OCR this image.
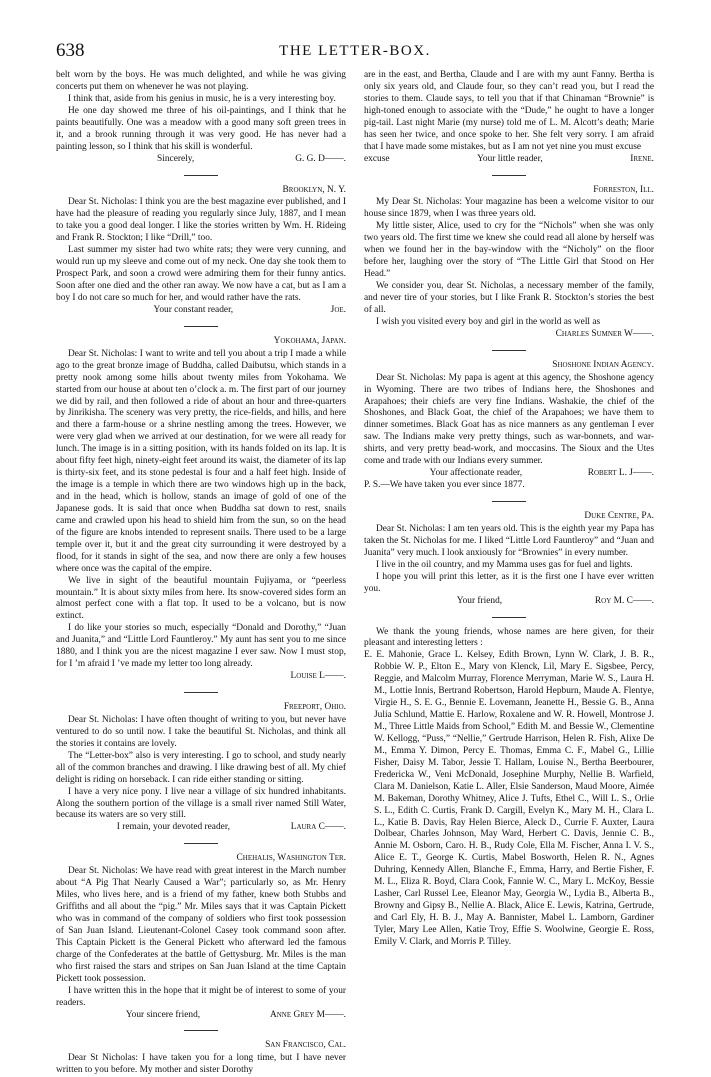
638	THE LETTER-BOX.

belt worn by the boys. He was much delighted, and while he was giving concerts put them on whenever he was not playing.

I think that, aside from his genius in music, he is a very interesting boy.

He one day showed me three of his oil-paintings, and I think that he paints beautifully. One was a meadow with a good many soft green trees in it, and a brook running through it was very good. He has never had a painting lesson, so I think that his skill is wonderful.

Sincerely,	G. G. D——.
Brooklyn, N. Y.

Dear St. Nicholas: I think you are the best magazine ever published, and I have had the pleasure of reading you regularly since July, 1887, and I mean to take you a good deal longer. I like the stories written by Wm. H. Rideing and Frank R. Stockton; I like “Drill,” too.

Last summer my sister had two white rats; they were very cunning, and would run up my sleeve and come out of my neck. One day she took them to Prospect Park, and soon a crowd were admiring them for their funny antics. Soon after one died and the other ran away. We now have a cat, but as I am a boy I do not care so much for her, and would rather have the rats.

Your constant reader,	Joe.
Yokohama, Japan.

Dear St. Nicholas: I want to write and tell you about a trip I made a while ago to the great bronze image of Buddha, called Daibutsu, which stands in a pretty nook among some hills about twenty miles from Yokohama. We started from our house at about ten o’clock a. m. The first part of our journey we did by rail, and then followed a ride of about an hour and three-quarters by Jinrikisha. The scenery was very pretty, the rice-fields, and hills, and here and there a farm-house or a shrine nestling among the trees. However, we were very glad when we arrived at our destination, for we were all ready for lunch. The image is in a sitting position, with its hands folded on its lap. It is about fifty feet high, ninety-eight feet around its waist, the diameter of its lap is thirty-six feet, and its stone pedestal is four and a half feet high. Inside of the image is a temple in which there are two windows high up in the back, and in the head, which is hollow, stands an image of gold of one of the Japanese gods. It is said that once when Buddha sat down to rest, snails came and crawled upon his head to shield him from the sun, so on the head of the figure are knobs intended to represent snails. There used to be a large temple over it, but it and the great city surrounding it were destroyed by a flood, for it stands in sight of the sea, and now there are only a few houses where once was the capital of the empire.

We live in sight of the beautiful mountain Fujiyama, or “peerless mountain.” It is about sixty miles from here. Its snow-covered sides form an almost perfect cone with a flat top. It used to be a volcano, but is now extinct.

I do like your stories so much, especially “Donald and Dorothy,” “Juan and Juanita,” and “Little Lord Fauntleroy.” My aunt has sent you to me since 1880, and I think you are the nicest magazine I ever saw. Now I must stop, for I ’m afraid I ’ve made my letter too long already.

Louise L——.
Freeport, Ohio.

Dear St. Nicholas: I have often thought of writing to you, but never have ventured to do so until now. I take the beautiful St. Nicholas, and think all the stories it contains are lovely.

The “Letter-box” also is very interesting. I go to school, and study nearly all of the common branches and drawing. I like drawing best of all. My chief delight is riding on horseback. I can ride either standing or sitting.

I have a very nice pony. I live near a village of six hundred inhabitants. Along the southern portion of the village is a small river named Still Water, because its waters are so very still.

I remain, your devoted reader,	Laura C——.
Chehalis, Washington Ter.

Dear St. Nicholas: We have read with great interest in the March number about “A Pig That Nearly Caused a War”; particularly so, as Mr. Henry Miles, who lives here, and is a friend of my father, knew both Stubbs and Griffiths and all about the “pig.” Mr. Miles says that it was Captain Pickett who was in command of the company of soldiers who first took possession of San Juan Island. Lieutenant-Colonel Casey took command soon after. This Captain Pickett is the General Pickett who afterward led the famous charge of the Confederates at the battle of Gettysburg. Mr. Miles is the man who first raised the stars and stripes on San Juan Island at the time Captain Pickett took possession.

I have written this in the hope that it might be of interest to some of your readers.

Your sincere friend,	Anne Grey M——.
San Francisco, Cal.

Dear St Nicholas: I have taken you for a long time, but I have never written to you before. My mother and sister Dorothy

are in the east, and Bertha, Claude and I are with my aunt Fanny. Bertha is only six years old, and Claude four, so they can’t read you, but I read the stories to them. Claude says, to tell you that if that Chinaman “Brownie” is high-toned enough to associate with the “Dude,” he ought to have a longer pig-tail. Last night Marie (my nurse) told me of L. M. Alcott’s death; Marie has seen her twice, and once spoke to her. She felt very sorry. I am afraid that I have made some mistakes, but as I am not yet nine you must excuse

excuse	Your little reader,	Irene.
Forreston, Ill.

My Dear St. Nicholas: Your magazine has been a welcome visitor to our house since 1879, when I was three years old.

My little sister, Alice, used to cry for the “Nichols” when she was only two years old. The first time we knew she could read all alone by herself was when we found her in the bay-window with the “Nicholy” on the floor before her, laughing over the story of “The Little Girl that Stood on Her Head.”

We consider you, dear St. Nicholas, a necessary member of the family, and never tire of your stories, but I like Frank R. Stockton’s stories the best of all.

I wish you visited every boy and girl in the world as well as

Charles Sumner W——.
Shoshone Indian Agency.

Dear St. Nicholas: My papa is agent at this agency, the Shoshone agency in Wyoming. There are two tribes of Indians here, the Shoshones and Arapahoes; their chiefs are very fine Indians. Washakie, the chief of the Shoshones, and Black Goat, the chief of the Arapahoes; we have them to dinner sometimes. Black Goat has as nice manners as any gentleman I ever saw. The Indians make very pretty things, such as war-bonnets, and war-shirts, and very pretty bead-work, and moccasins. The Sioux and the Utes come and trade with our Indians every summer.

Your affectionate reader,	Robert L. J——.

P. S.—We have taken you ever since 1877.

Duke Centre, Pa.

Dear St. Nicholas: I am ten years old. This is the eighth year my Papa has taken the St. Nicholas for me. I liked “Little Lord Fauntleroy” and “Juan and Juanita” very much. I look anxiously for “Brownies” in every number.

I live in the oil country, and my Mamma uses gas for fuel and lights.

I hope you will print this letter, as it is the first one I have ever written you.

Your friend,	Roy M. C——.

We thank the young friends, whose names are here given, for their pleasant and interesting letters :

E. E. Mahonie, Grace L. Kelsey, Edith Brown, Lynn W. Clark, J. B. R., Robbie W. P., Elton E., Mary von Klenck, Lil, Mary E. Sigsbee, Percy, Reggie, and Malcolm Murray, Florence Merryman, Marie W. S., Laura H. M., Lottie Innis, Bertrand Robertson, Harold Hepburn, Maude A. Flentye, Virgie H., S. E. G., Bennie E. Lovemann, Jeanette H., Bessie G. B., Anna Julia Schlund, Mattie E. Harlow, Roxalene and W. R. Howell, Montrose J. M., Three Little Maids from School,” Edith M. and Bessie W., Clementine W. Kellogg, “Puss,” “Nellie,” Gertrude Harrison, Helen R. Fish, Alixe De M., Emma Y. Dimon, Percy E. Thomas, Emma C. F., Mabel G., Lillie Fisher, Daisy M. Tabor, Jessie T. Hallam, Louise N., Bertha Beerbourer, Fredericka W., Veni McDonald, Josephine Murphy, Nellie B. Warfield, Clara M. Danielson, Katie L. Aller, Elsie Sanderson, Maud Moore, Aimée M. Bakeman, Dorothy Whitney, Alice J. Tufts, Ethel C., Will L. S., Orlie S. L., Edith C. Curtis, Frank D. Cargill, Evelyn K., Mary M. H., Clara L. L., Katie B. Davis, Ray Helen Bierce, Aleck D., Currie F. Auxter, Laura Dolbear, Charles Johnson, May Ward, Herbert C. Davis, Jennie C. B., Annie M. Osborn, Caro. H. B., Rudy Cole, Ella M. Fischer, Anna I. V. S., Alice E. T., George K. Curtis, Mabel Bosworth, Helen R. N., Agnes Duhring, Kennedy Allen, Blanche F., Emma, Harry, and Bertie Fisher, F. M. L., Eliza R. Boyd, Clara Cook, Fannie W. C., Mary L. McKoy, Bessie Lasher, Carl Russel Lee, Eleanor May, Georgia W., Lydia B., Alberta B., Browny and Gipsy B., Nellie A. Black, Alice E. Lewis, Katrina, Gertrude, and Carl Ely, H. B. J., May A. Bannister, Mabel L. Lamborn, Gardiner Tyler, Mary Lee Allen, Katie Troy, Effie S. Woolwine, Georgie E. Ross, Emily V. Clark, and Morris P. Tilley.
